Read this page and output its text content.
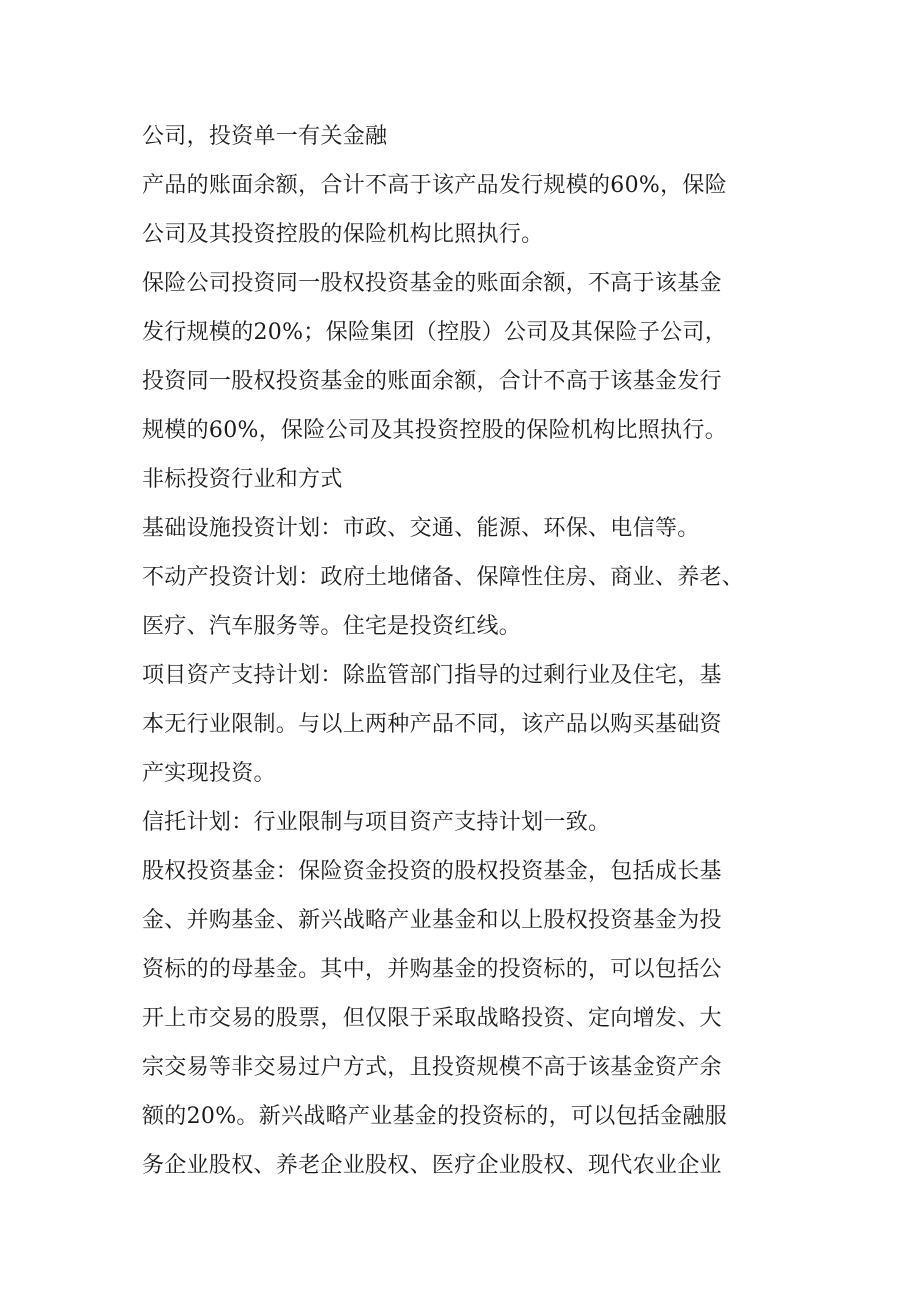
公司，投资单一有关金融
产品的账面余额，合计不高于该产品发行规模的60%，保险
公司及其投资控股的保险机构比照执行。
保险公司投资同一股权投资基金的账面余额，不高于该基金
发行规模的20%；保险集团（控股）公司及其保险子公司，
投资同一股权投资基金的账面余额，合计不高于该基金发行
规模的60%，保险公司及其投资控股的保险机构比照执行。
非标投资行业和方式
基础设施投资计划：市政、交通、能源、环保、电信等。
不动产投资计划：政府土地储备、保障性住房、商业、养老、
医疗、汽车服务等。住宅是投资红线。
项目资产支持计划：除监管部门指导的过剩行业及住宅，基
本无行业限制。与以上两种产品不同，该产品以购买基础资
产实现投资。
信托计划：行业限制与项目资产支持计划一致。
股权投资基金：保险资金投资的股权投资基金，包括成长基
金、并购基金、新兴战略产业基金和以上股权投资基金为投
资标的的母基金。其中，并购基金的投资标的，可以包括公
开上市交易的股票，但仅限于采取战略投资、定向增发、大
宗交易等非交易过户方式，且投资规模不高于该基金资产余
额的20%。新兴战略产业基金的投资标的，可以包括金融服
务企业股权、养老企业股权、医疗企业股权、现代农业企业
